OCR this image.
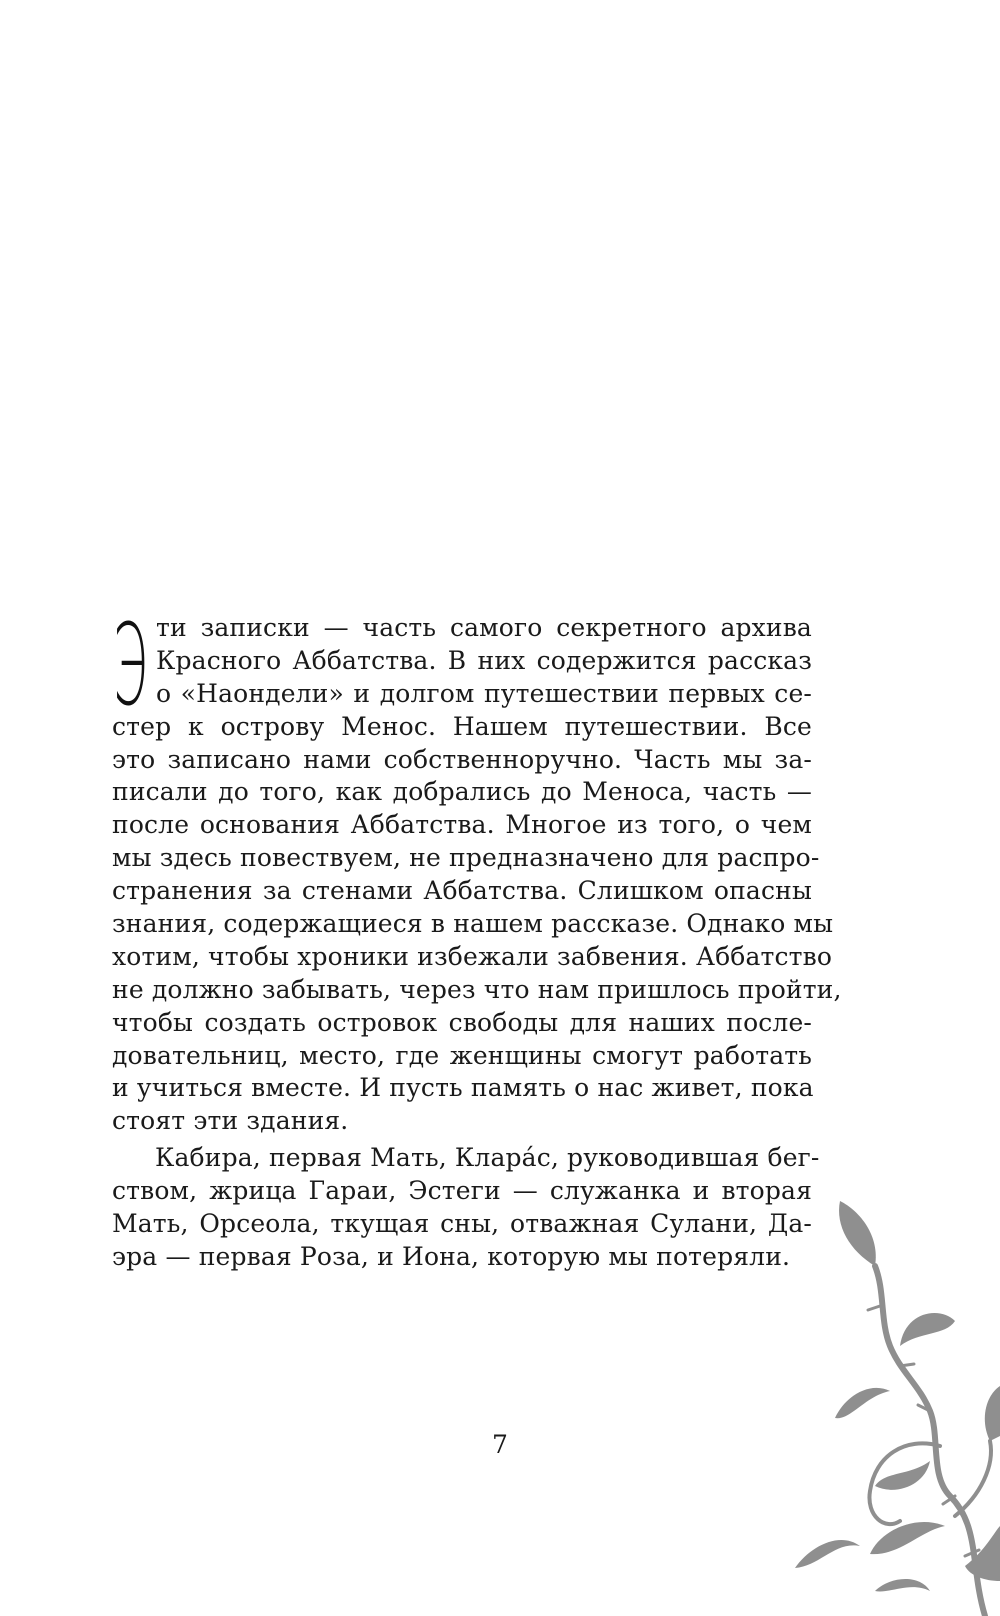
Э ти записки — часть самого секретного архива
Красного Аббатства. В них содержится рассказ
о «Наондели» и долгом путешествии первых се-
стер к острову Менос. Нашем путешествии. Все
это записано нами собственноручно. Часть мы за-
писали до того, как добрались до Меноса, часть —
после основания Аббатства. Многое из того, о чем
мы здесь повествуем, не предназначено для распро-
странения за стенами Аббатства. Слишком опасны
знания, содержащиеся в нашем рассказе. Однако мы
хотим, чтобы хроники избежали забвения. Аббатство
не должно забывать, через что нам пришлось пройти,
чтобы создать островок свободы для наших после-
довательниц, место, где женщины смогут работать
и учиться вместе. И пусть память о нас живет, пока
стоят эти здания.
Кабира, первая Мать, Клара́с, руководившая бег-
ством, жрица Гараи, Эстеги — служанка и вторая
Мать, Орсеола, ткущая сны, отважная Сулани, Да-
эра — первая Роза, и Иона, которую мы потеряли.
7
